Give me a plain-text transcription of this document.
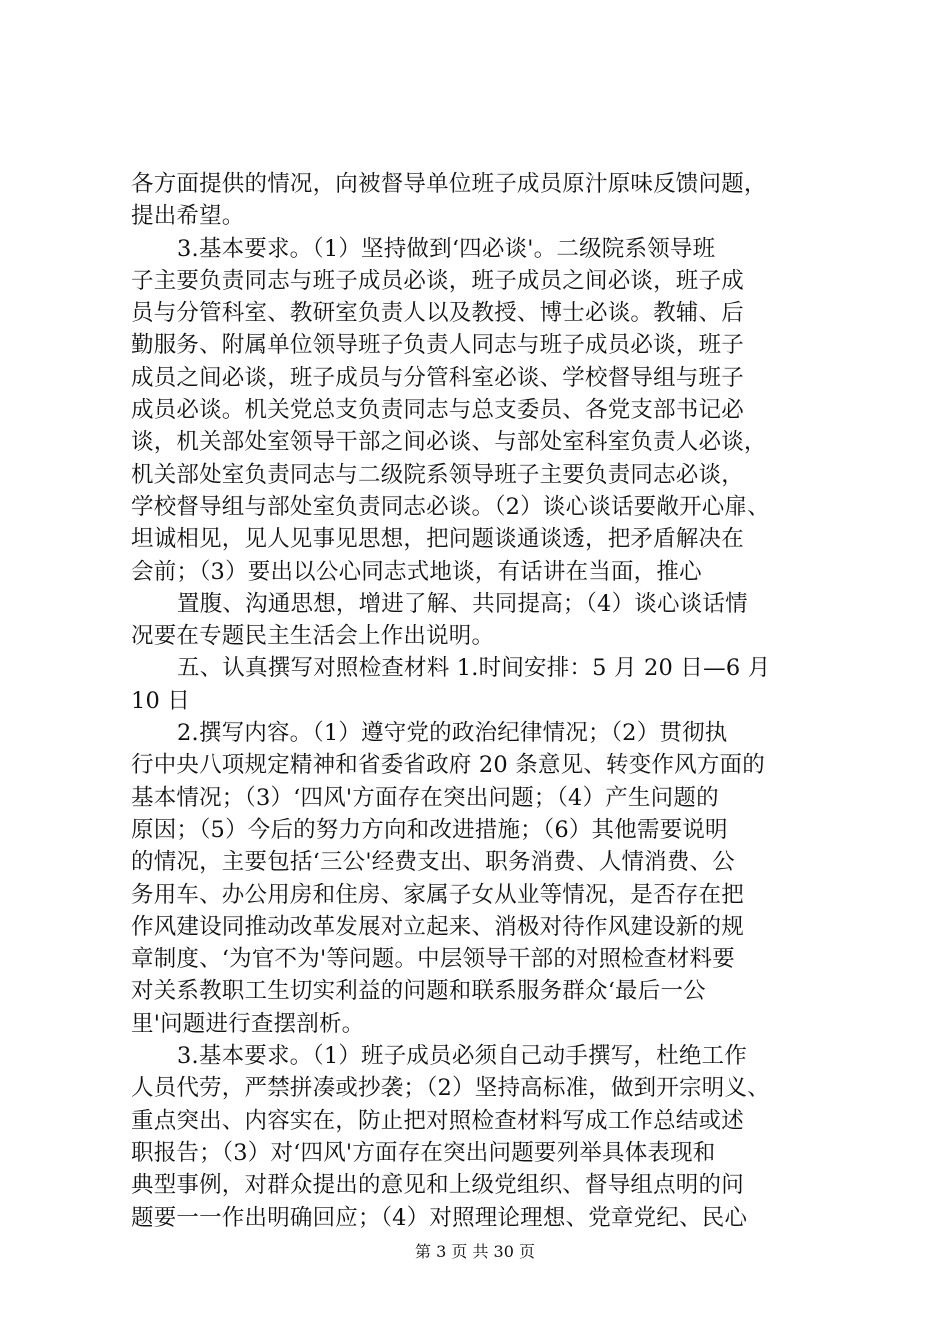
各方面提供的情况，向被督导单位班子成员原汁原味反馈问题，
提出希望。
3.基本要求。（1）坚持做到‘四必谈'。二级院系领导班
子主要负责同志与班子成员必谈，班子成员之间必谈，班子成
员与分管科室、教研室负责人以及教授、博士必谈。教辅、后
勤服务、附属单位领导班子负责人同志与班子成员必谈，班子
成员之间必谈，班子成员与分管科室必谈、学校督导组与班子
成员必谈。机关党总支负责同志与总支委员、各党支部书记必
谈，机关部处室领导干部之间必谈、与部处室科室负责人必谈，
机关部处室负责同志与二级院系领导班子主要负责同志必谈，
学校督导组与部处室负责同志必谈。（2）谈心谈话要敞开心扉、
坦诚相见，见人见事见思想，把问题谈通谈透，把矛盾解决在
会前；（3）要出以公心同志式地谈，有话讲在当面，推心
置腹、沟通思想，增进了解、共同提高；（4）谈心谈话情
况要在专题民主生活会上作出说明。
五、认真撰写对照检查材料 1.时间安排：5 月 20 日—6 月
10 日
2.撰写内容。（1）遵守党的政治纪律情况；（2）贯彻执
行中央八项规定精神和省委省政府 20 条意见、转变作风方面的
基本情况；（3）‘四风'方面存在突出问题；（4）产生问题的
原因；（5）今后的努力方向和改进措施；（6）其他需要说明
的情况，主要包括‘三公'经费支出、职务消费、人情消费、公
务用车、办公用房和住房、家属子女从业等情况，是否存在把
作风建设同推动改革发展对立起来、消极对待作风建设新的规
章制度、‘为官不为'等问题。中层领导干部的对照检查材料要
对关系教职工生切实利益的问题和联系服务群众‘最后一公
里'问题进行查摆剖析。
3.基本要求。（1）班子成员必须自己动手撰写，杜绝工作
人员代劳，严禁拼凑或抄袭；（2）坚持高标准，做到开宗明义、
重点突出、内容实在，防止把对照检查材料写成工作总结或述
职报告；（3）对‘四风'方面存在突出问题要列举具体表现和
典型事例，对群众提出的意见和上级党组织、督导组点明的问
题要一一作出明确回应；（4）对照理论理想、党章党纪、民心
第 3 页 共 30 页
